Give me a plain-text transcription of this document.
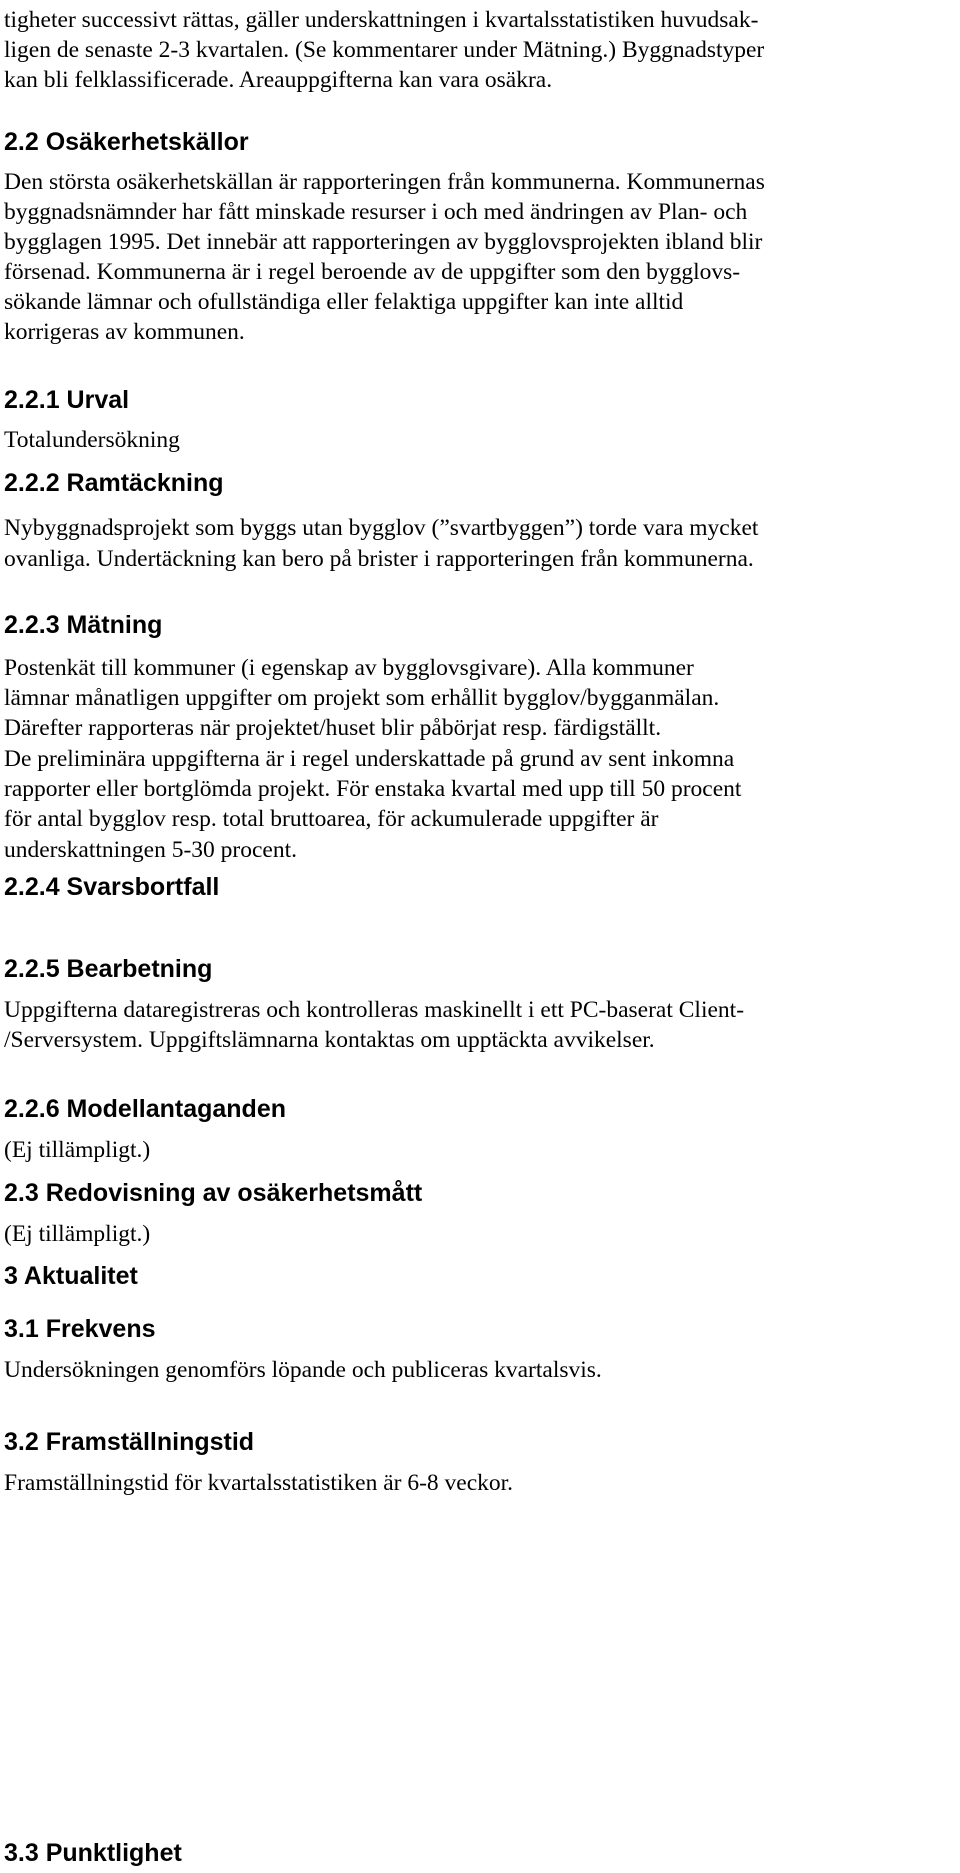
tigheter successivt rättas, gäller underskattningen i kvartalsstatistiken huvudsak-

ligen de senaste 2-3 kvartalen. (Se kommentarer under Mätning.) Byggnadstyper

kan bli felklassificerade. Areauppgifterna kan vara osäkra.

2.2 Osäkerhetskällor

Den största osäkerhetskällan är rapporteringen från kommunerna. Kommunernas

byggnadsnämnder har fått minskade resurser i och med ändringen av Plan- och

bygglagen 1995. Det innebär att rapporteringen av bygglovsprojekten ibland blir

försenad. Kommunerna är i regel beroende av de uppgifter som den bygglovs-

sökande lämnar och ofullständiga eller felaktiga uppgifter kan inte alltid

korrigeras av kommunen.

2.2.1 Urval

Totalundersökning

2.2.2 Ramtäckning

Nybyggnadsprojekt som byggs utan bygglov (”svartbyggen”) torde vara mycket

ovanliga. Undertäckning kan bero på brister i rapporteringen från kommunerna.

2.2.3 Mätning

Postenkät till kommuner (i egenskap av bygglovsgivare). Alla kommuner

lämnar månatligen uppgifter om projekt som erhållit bygglov/bygganmälan.

Därefter rapporteras när projektet/huset blir påbörjat resp. färdigställt.

De preliminära uppgifterna är i regel underskattade på grund av sent inkomna

rapporter eller bortglömda projekt. För enstaka kvartal med upp till 50 procent

för antal bygglov resp. total bruttoarea, för ackumulerade uppgifter är

underskattningen 5-30 procent.

2.2.4 Svarsbortfall
2.2.5 Bearbetning

Uppgifterna dataregistreras och kontrolleras maskinellt i ett PC-baserat Client-

/Serversystem. Uppgiftslämnarna kontaktas om upptäckta avvikelser.

2.2.6 Modellantaganden

(Ej tillämpligt.)

2.3 Redovisning av osäkerhetsmått

(Ej tillämpligt.)

3 Aktualitet
3.1 Frekvens

Undersökningen genomförs löpande och publiceras kvartalsvis.

3.2 Framställningstid

Framställningstid för kvartalsstatistiken är 6-8 veckor.

3.3 Punktlighet
